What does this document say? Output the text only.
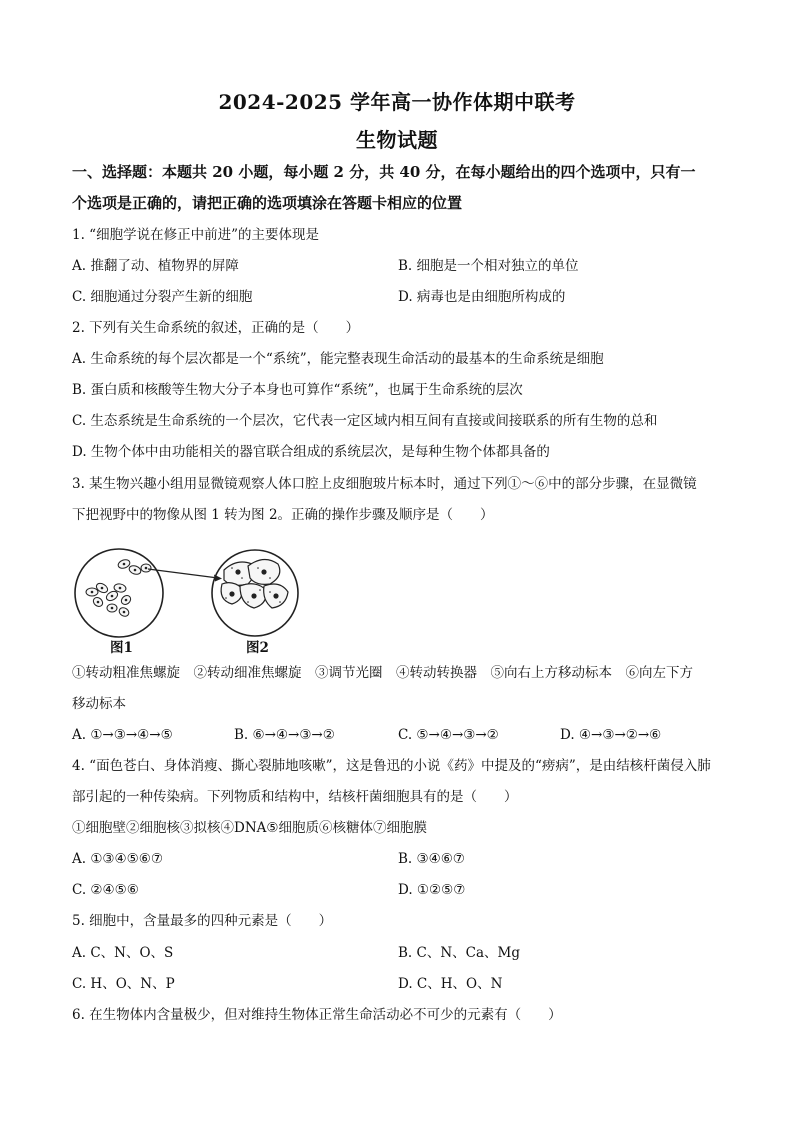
2024-2025 学年高一协作体期中联考
生物试题
一、选择题：本题共 20 小题，每小题 2 分，共 40 分，在每小题给出的四个选项中，只有一
个选项是正确的，请把正确的选项填涂在答题卡相应的位置
1. “细胞学说在修正中前进”的主要体现是
A. 推翻了动、植物界的屏障	B. 细胞是一个相对独立的单位
C. 细胞通过分裂产生新的细胞	D. 病毒也是由细胞所构成的
2. 下列有关生命系统的叙述，正确的是（　　）
A. 生命系统的每个层次都是一个“系统”，能完整表现生命活动的最基本的生命系统是细胞
B. 蛋白质和核酸等生物大分子本身也可算作“系统”，也属于生命系统的层次
C. 生态系统是生命系统的一个层次，它代表一定区域内相互间有直接或间接联系的所有生物的总和
D. 生物个体中由功能相关的器官联合组成的系统层次，是每种生物个体都具备的
3. 某生物兴趣小组用显微镜观察人体口腔上皮细胞玻片标本时，通过下列①～⑥中的部分步骤，在显微镜
下把视野中的物像从图 1 转为图 2。正确的操作步骤及顺序是（　　）
图1	图2
①转动粗准焦螺旋　②转动细准焦螺旋　③调节光圈　④转动转换器　⑤向右上方移动标本　⑥向左下方
移动标本
A. ①→③→④→⑤	B. ⑥→④→③→②	C. ⑤→④→③→②	D. ④→③→②→⑥
4. “面色苍白、身体消瘦、撕心裂肺地咳嗽”，这是鲁迅的小说《药》中提及的“痨病”，是由结核杆菌侵入肺
部引起的一种传染病。下列物质和结构中，结核杆菌细胞具有的是（　　）
①细胞壁②细胞核③拟核④DNA⑤细胞质⑥核糖体⑦细胞膜
A. ①③④⑤⑥⑦	B. ③④⑥⑦
C. ②④⑤⑥	D. ①②⑤⑦
5. 细胞中，含量最多的四种元素是（　　）
A. C、N、O、S	B. C、N、Ca、Mg
C. H、O、N、P	D. C、H、O、N
6. 在生物体内含量极少，但对维持生物体正常生命活动必不可少的元素有（　　）
